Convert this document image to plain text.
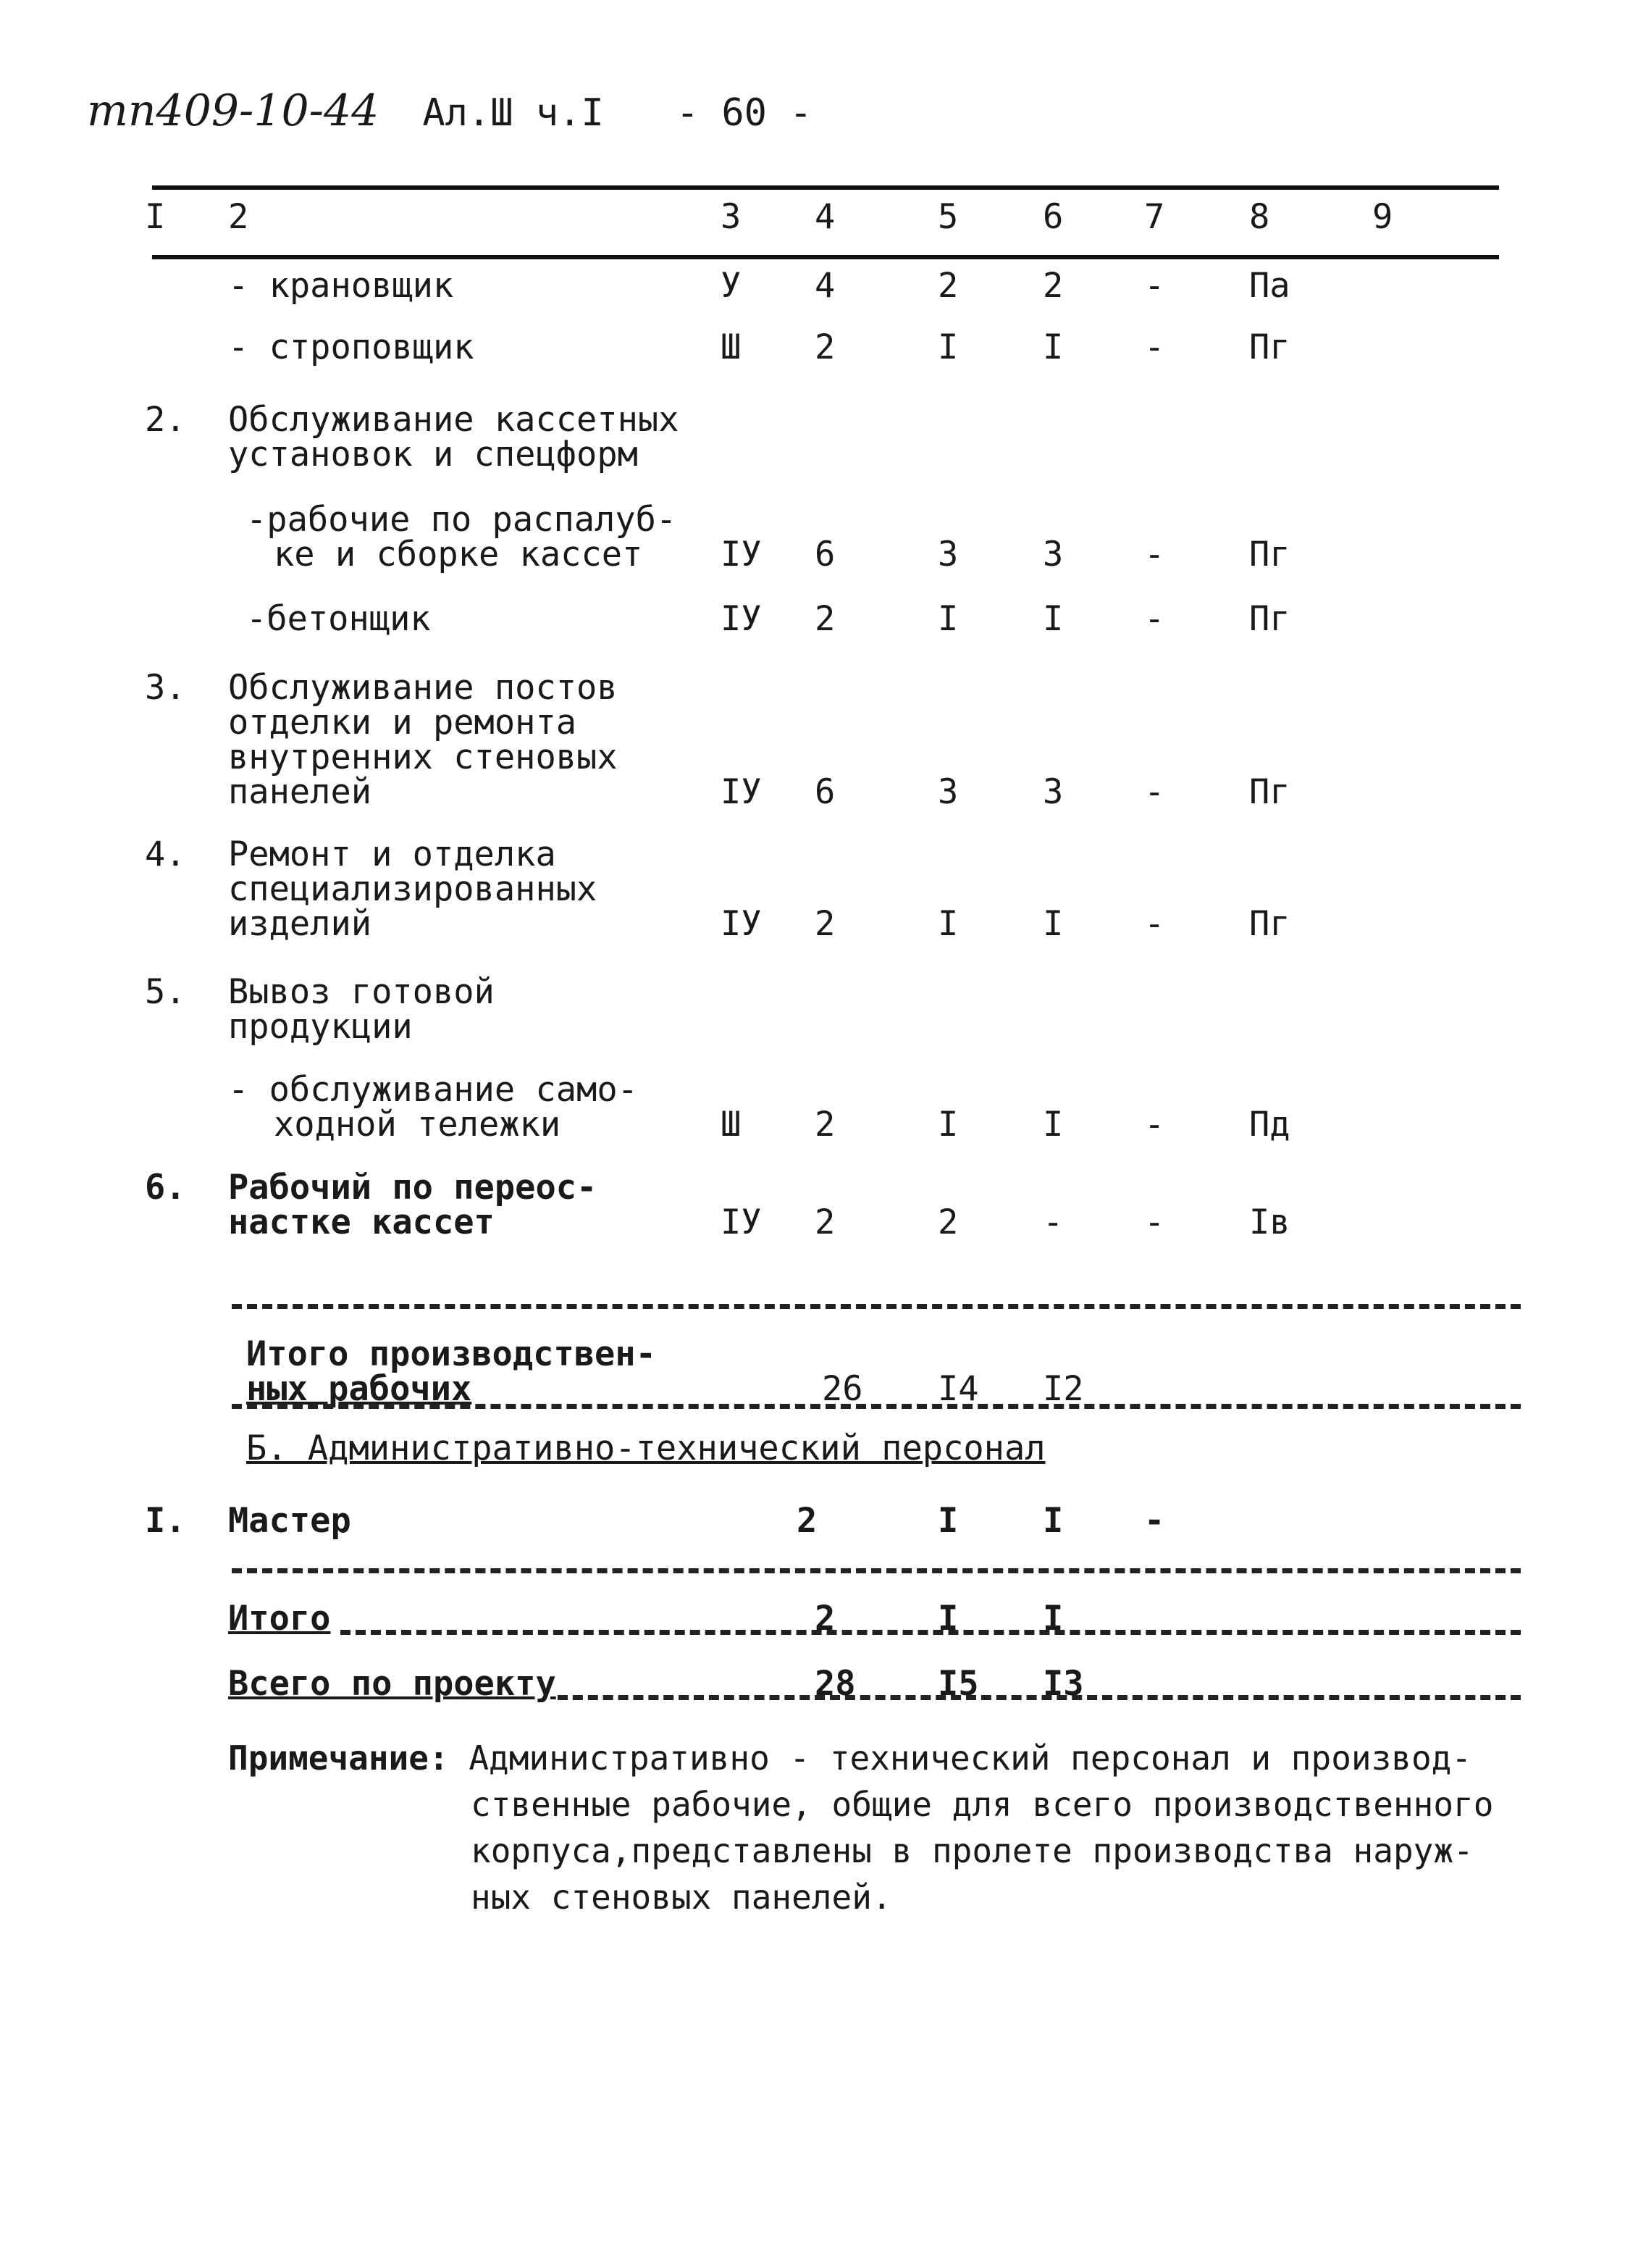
тп409-10-44 Ал.Ш ч.I - 60 -
I 2	3 4	5 6 7 8	9
- крановщик	У 4	2 2 - Па
- строповщик	Ш 2	I I - Пг
2. Обслуживание кассетных
установок и спецформ
-рабочие по распалуб-
ке и сборке кассет IУ 6	3 3 - Пг
-бетонщик	IУ 2	I I - Пг
3. Обслуживание постов
отделки и ремонта
внутренних стеновых
панелей	IУ 6	3 3 - Пг
4. Ремонт и отделка
специализированных
изделий	IУ 2	I I - Пг
5. Вывоз готовой
продукции
- обслуживание само-
ходной тележки	Ш 2	I I - Пд
6. Рабочий по переос-
настке кассет	IУ 2	2 - - Iв
Итого производствен-
ных рабочих	26 I4 I2
Б. Административно-технический персонал
I. Мастер	2	I I -
Итого	2	I I
Всего по проекту	28 I5 I3
Примечание: Административно - технический персонал и производ-
ственные рабочие, общие для всего производственного
корпуса,представлены в пролете производства наруж-
ных стеновых панелей.
